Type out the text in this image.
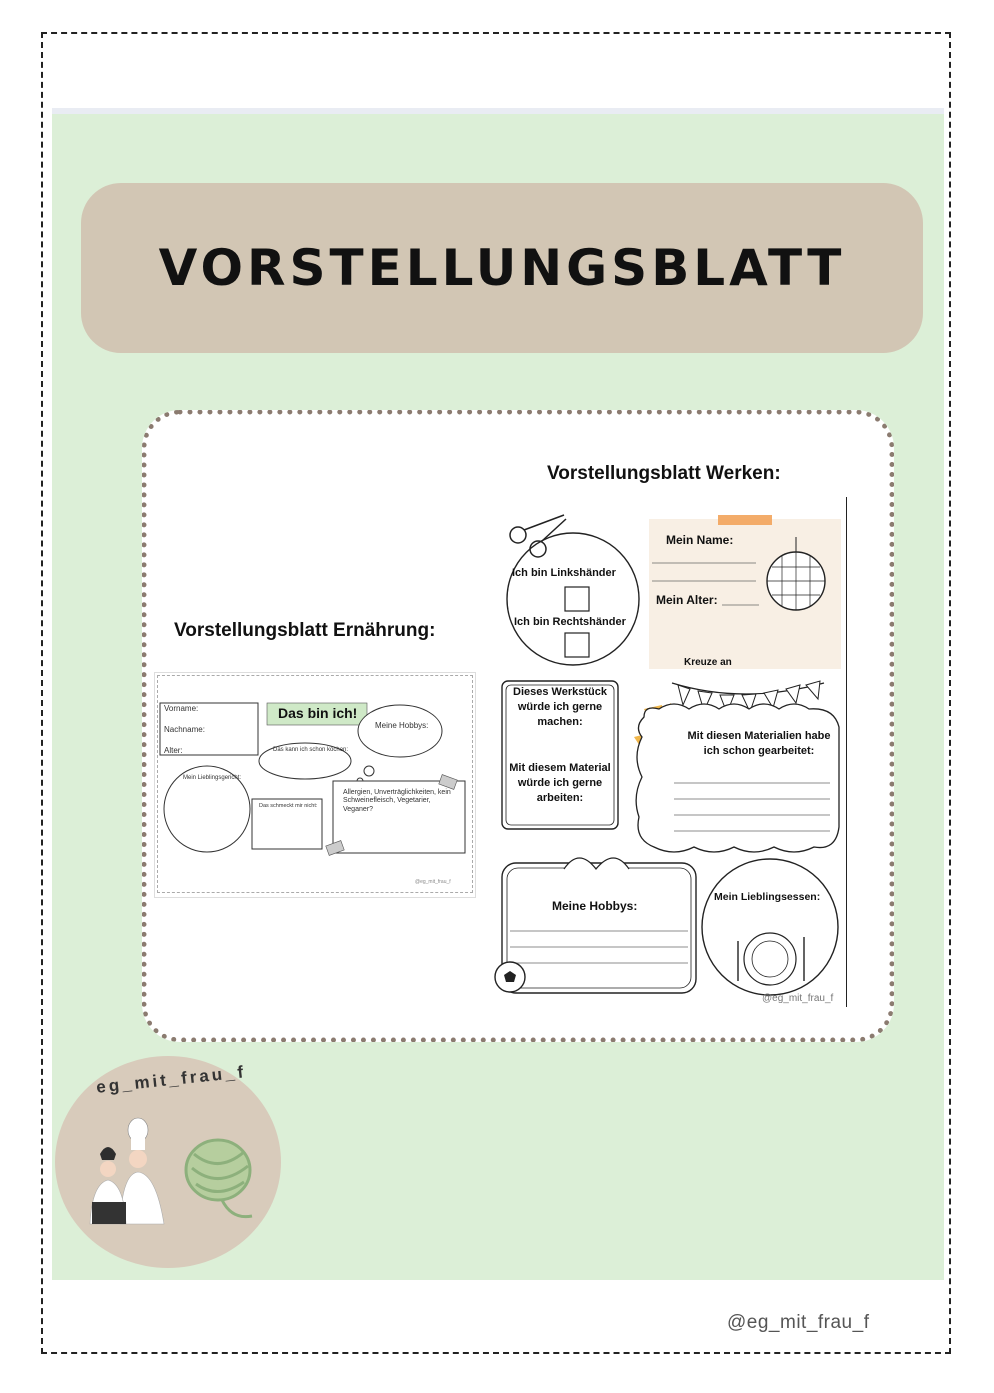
VORSTELLUNGSBLATT
Vorstellungsblatt Ernährung:
Vorname:
Nachname:
Alter:
Das bin ich!
Meine Hobbys:
Das kann ich schon kochen:
Mein Lieblingsgericht:
Das schmeckt mir nicht:
Allergien, Unverträglichkeiten, kein Schweinefleisch, Vegetarier, Veganer?
@eg_mit_frau_f
Vorstellungsblatt Werken:
Ich bin Linkshänder
Ich bin Rechtshänder
Mein Name:
Mein Alter:
Kreuze an
Dieses Werkstück würde ich gerne machen:
Mit diesem Material würde ich gerne arbeiten:
Mit diesen Materialien habe ich schon gearbeitet:
Meine Hobbys:
Mein Lieblingsessen:
@eg_mit_frau_f
eg_mit_frau_f
@eg_mit_frau_f
